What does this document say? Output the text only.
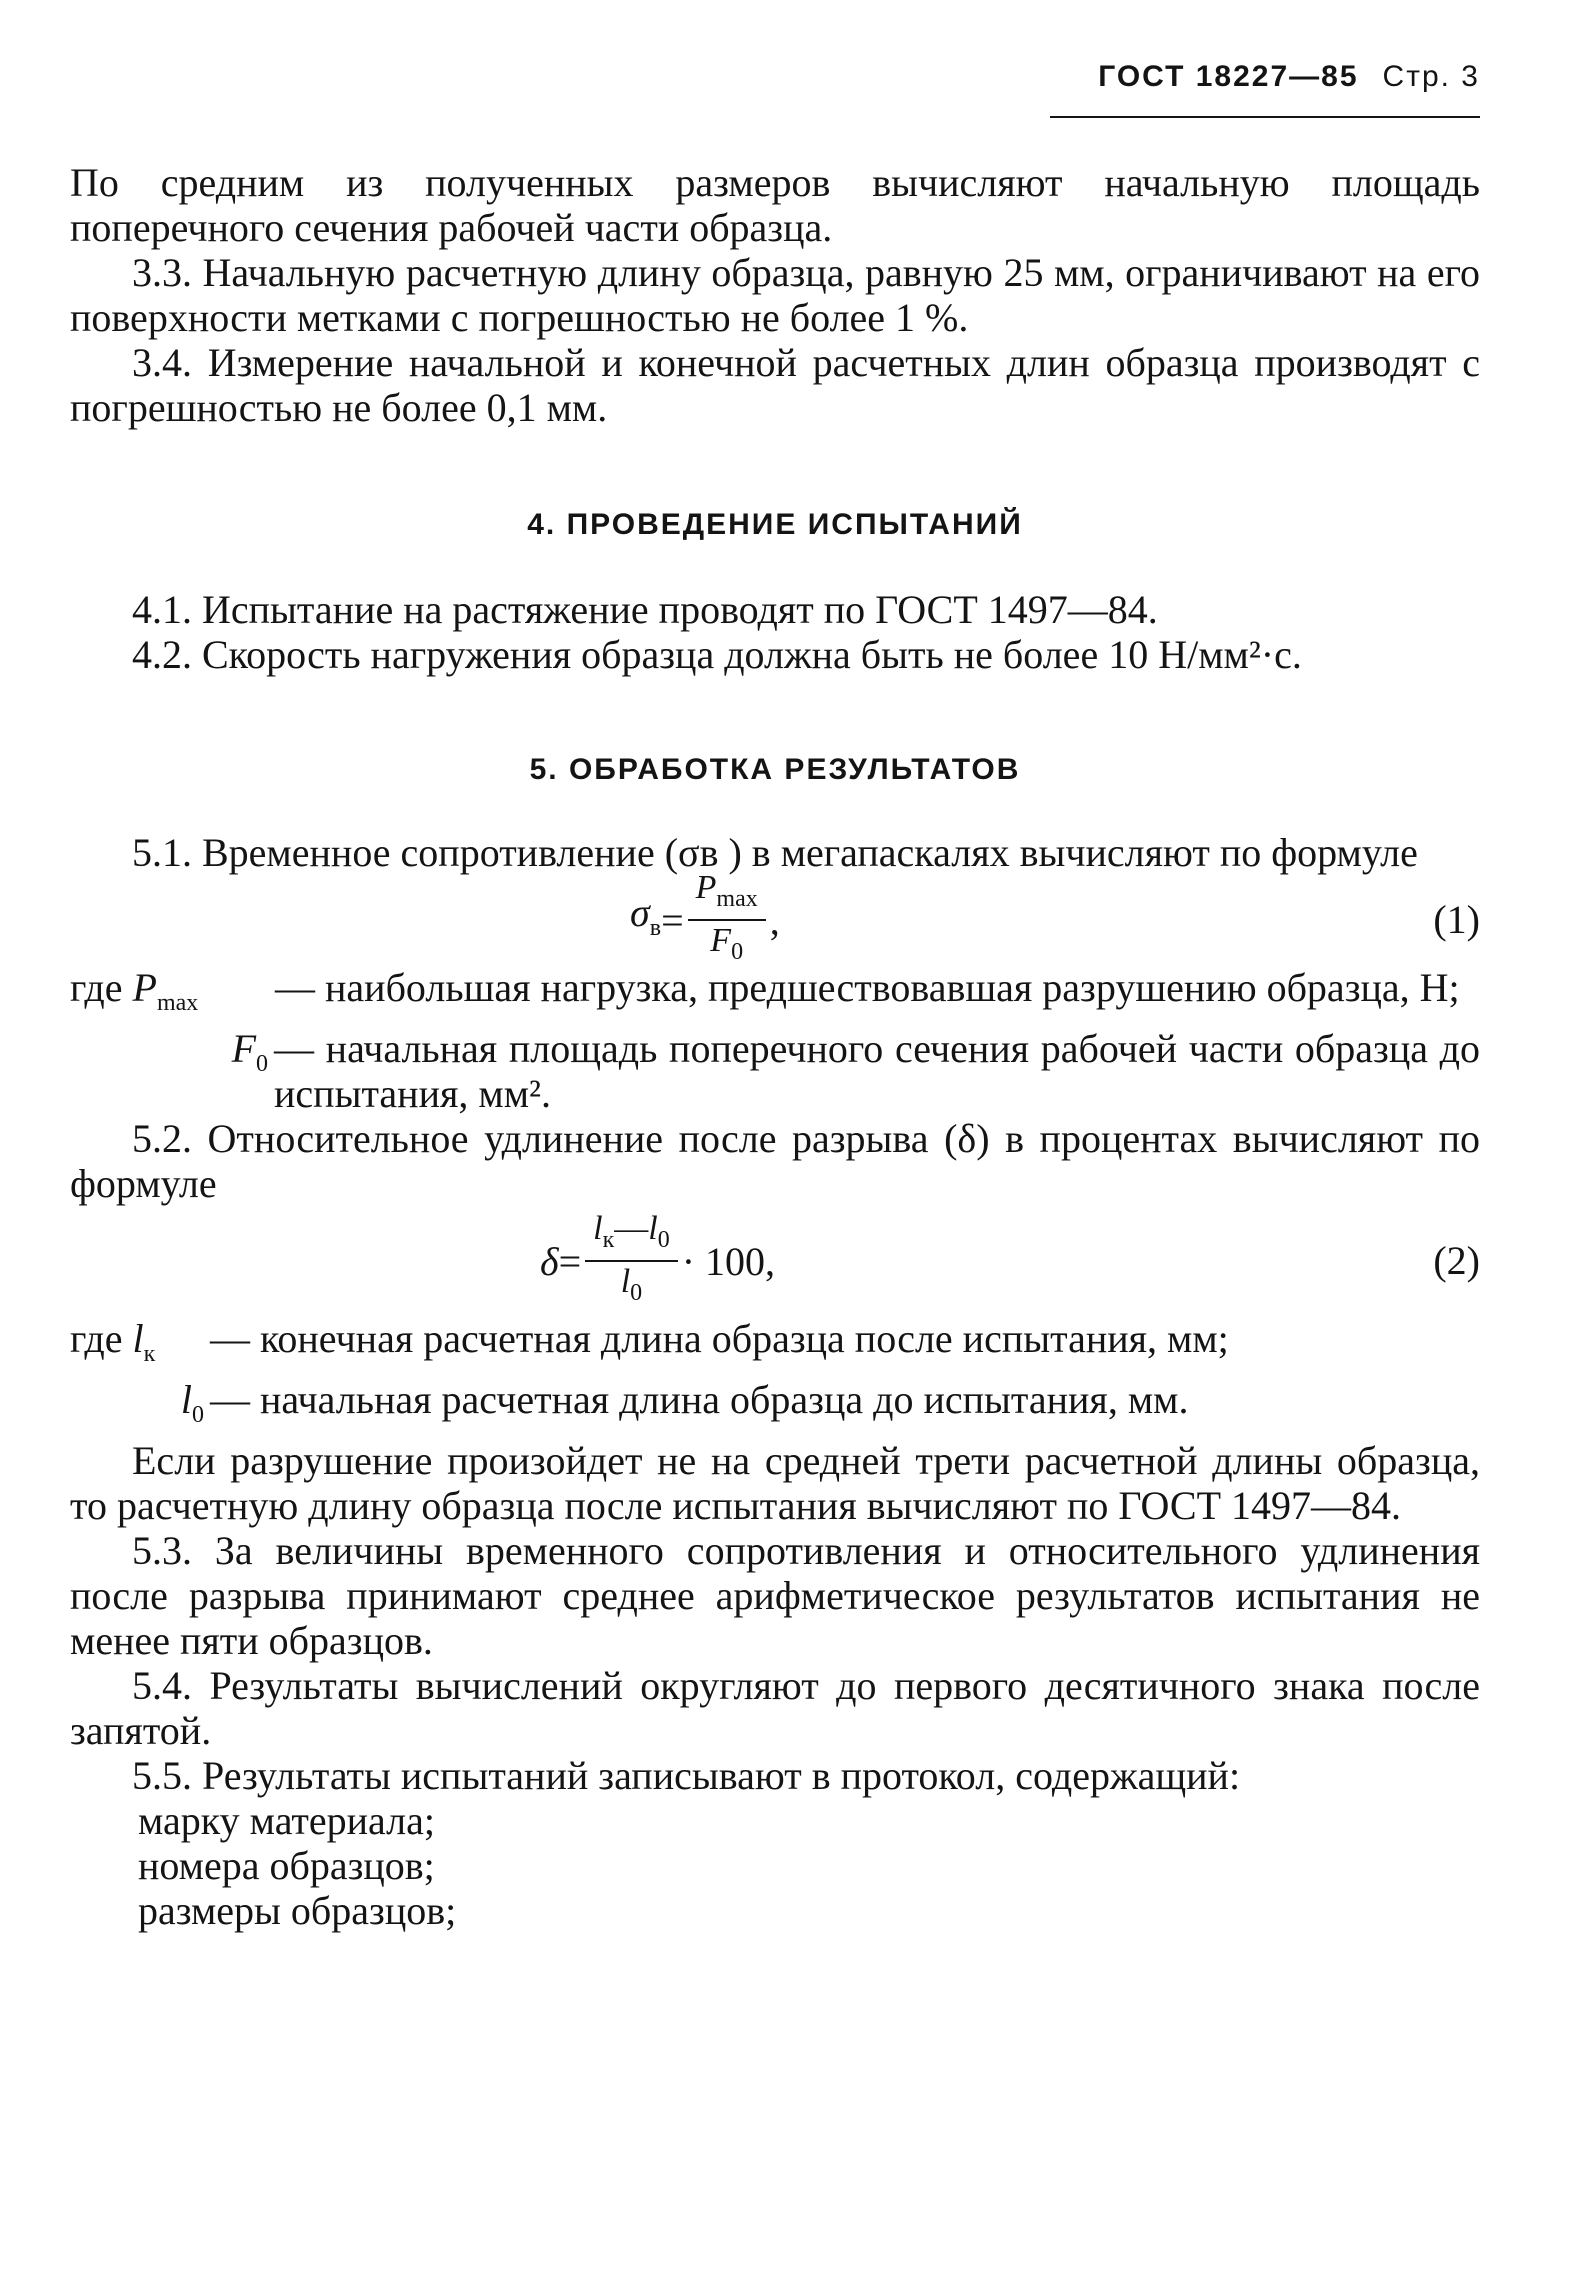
ГОСТ 18227—85 Стр. 3

По средним из полученных размеров вычисляют начальную площадь поперечного сечения рабочей части образца.

3.3. Начальную расчетную длину образца, равную 25 мм, ограничивают на его поверхности метками с погрешностью не более 1 %.

3.4. Измерение начальной и конечной расчетных длин образца производят с погрешностью не более 0,1 мм.

4. ПРОВЕДЕНИЕ ИСПЫТАНИЙ

4.1. Испытание на растяжение проводят по ГОСТ 1497—84.

4.2. Скорость нагружения образца должна быть не более 10 Н/мм²·с.

5. ОБРАБОТКА РЕЗУЛЬТАТОВ

5.1. Временное сопротивление (σв ) в мегапаскалях вычисляют по формуле

$\sigma_в = \frac{P_{max}}{F_0}$ ,	(1)
где $P_{max}$	— наибольшая нагрузка, предшествовавшая разрушению образца, Н;
$F_0$ — начальная площадь поперечного сечения рабочей части образца до испытания, мм².

5.2. Относительное удлинение после разрыва (δ) в процентах вычисляют по формуле

$\delta = \frac{l_к—l_0}{l_0} \cdot 100$,	(2)
где $l_к$	— конечная расчетная длина образца после испытания, мм;
$l_0$ — начальная расчетная длина образца до испытания, мм.

Если разрушение произойдет не на средней трети расчетной длины образца, то расчетную длину образца после испытания вычисляют по ГОСТ 1497—84.

5.3. За величины временного сопротивления и относительного удлинения после разрыва принимают среднее арифметическое результатов испытания не менее пяти образцов.

5.4. Результаты вычислений округляют до первого десятичного знака после запятой.

5.5. Результаты испытаний записывают в протокол, содержащий:

марку материала;
номера образцов;
размеры образцов;
